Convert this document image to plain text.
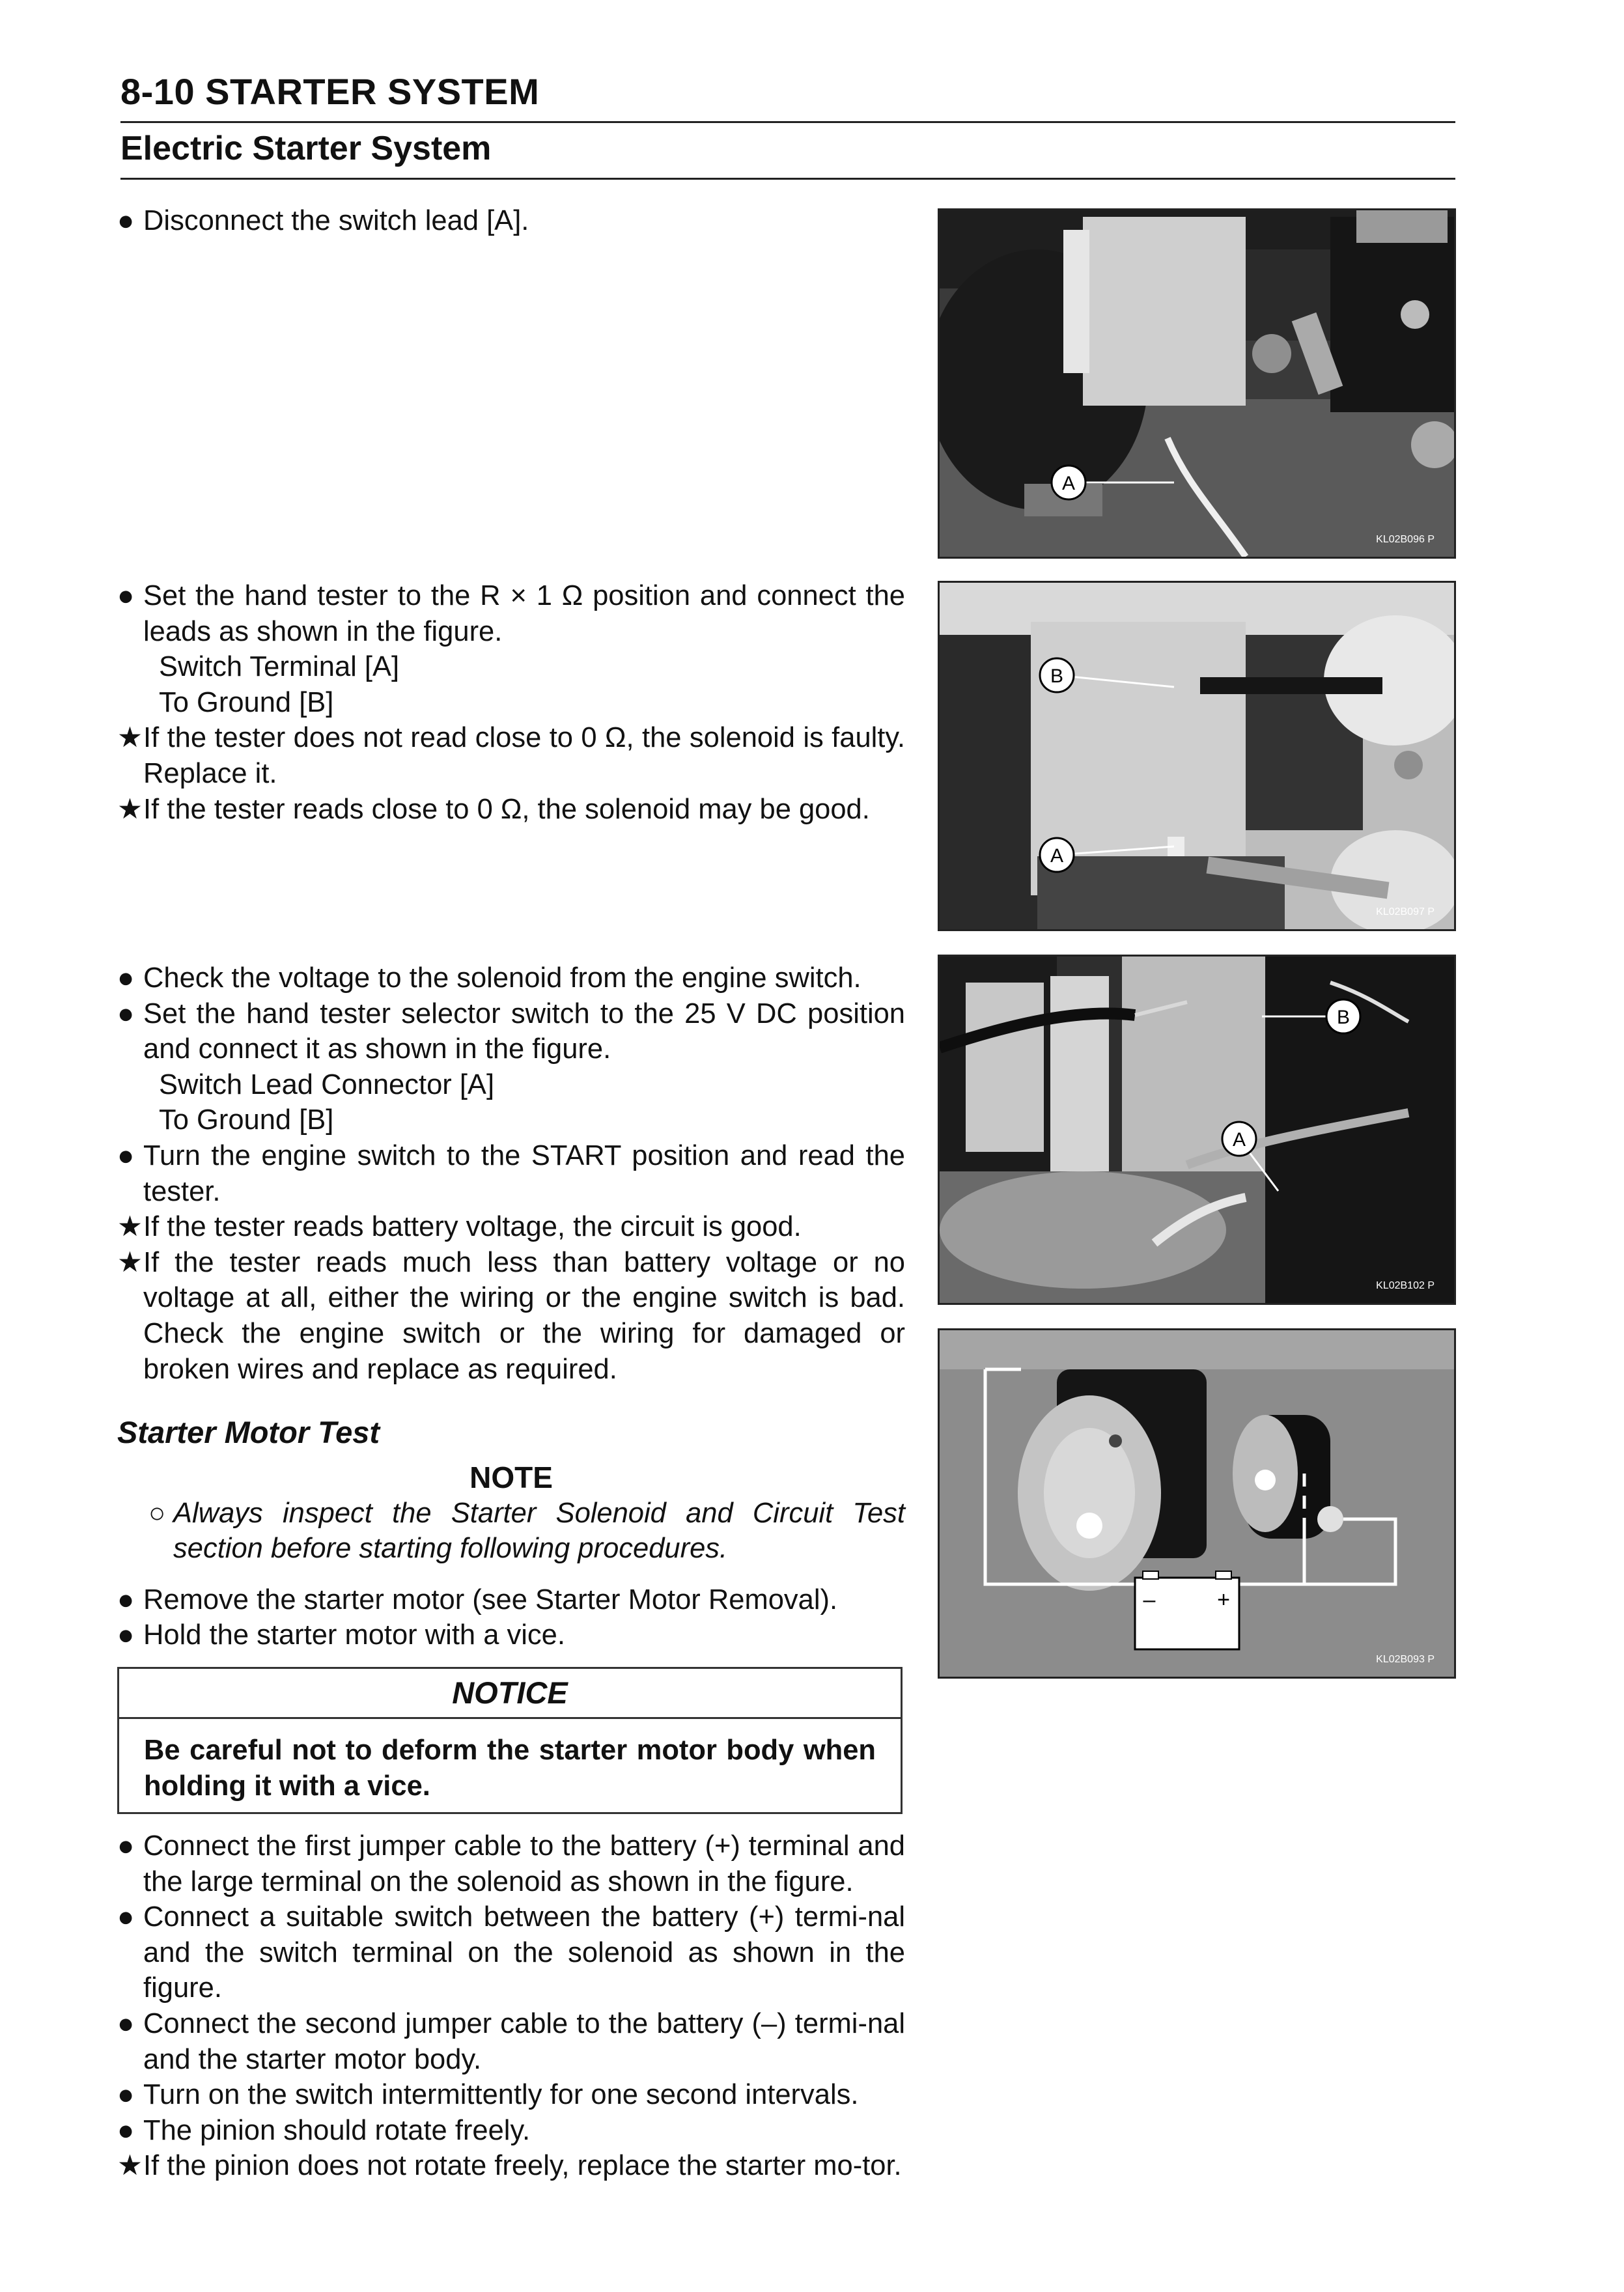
8-10 STARTER SYSTEM
Electric Starter System
● Disconnect the switch lead [A].
● Set the hand tester to the R × 1 Ω position and connect the leads as shown in the figure.
Switch Terminal [A]
To Ground [B]
★ If the tester does not read close to 0 Ω, the solenoid is faulty. Replace it.
★ If the tester reads close to 0 Ω, the solenoid may be good.
● Check the voltage to the solenoid from the engine switch.
● Set the hand tester selector switch to the 25 V DC position and connect it as shown in the figure.
Switch Lead Connector [A]
To Ground [B]
● Turn the engine switch to the START position and read the tester.
★ If the tester reads battery voltage, the circuit is good.
★ If the tester reads much less than battery voltage or no voltage at all, either the wiring or the engine switch is bad. Check the engine switch or the wiring for damaged or broken wires and replace as required.
Starter Motor Test
NOTE
○ Always inspect the Starter Solenoid and Circuit Test section before starting following procedures.
● Remove the starter motor (see Starter Motor Removal).
● Hold the starter motor with a vice.
NOTICE
Be careful not to deform the starter motor body when holding it with a vice.
● Connect the first jumper cable to the battery (+) terminal and the large terminal on the solenoid as shown in the figure.
● Connect a suitable switch between the battery (+) termi-nal and the switch terminal on the solenoid as shown in the figure.
● Connect the second jumper cable to the battery (–) termi-nal and the starter motor body.
● Turn on the switch intermittently for one second intervals.
● The pinion should rotate freely.
★ If the pinion does not rotate freely, replace the starter mo-tor.
A
KL02B096 P
B
A
KL02B097 P
B
A
KL02B102 P
–	+
KL02B093 P
